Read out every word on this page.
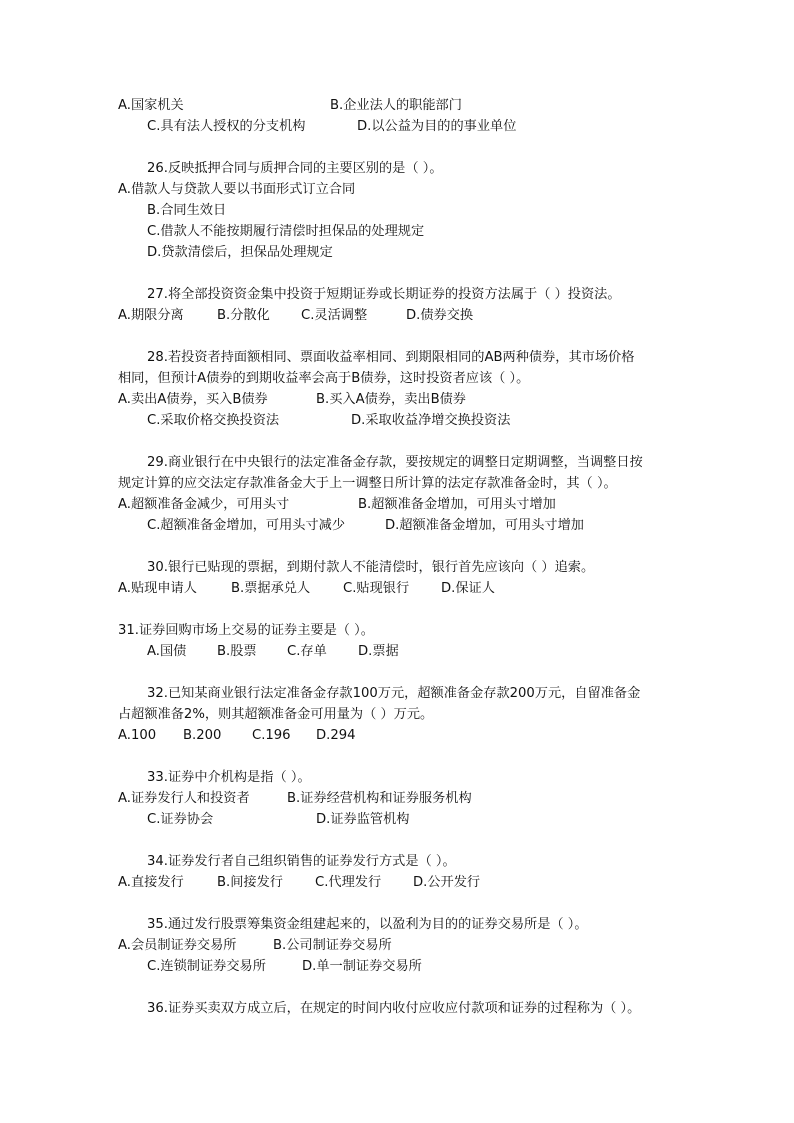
A.国家机关	B.企业法人的职能部门
C.具有法人授权的分支机构	D.以公益为目的的事业单位
26.反映抵押合同与质押合同的主要区别的是（ ）。
A.借款人与贷款人要以书面形式订立合同
B.合同生效日
C.借款人不能按期履行清偿时担保品的处理规定
D.贷款清偿后，担保品处理规定
27.将全部投资资金集中投资于短期证券或长期证券的投资方法属于（ ）投资法。
A.期限分离	B.分散化 C.灵活调整	D.债券交换
28.若投资者持面额相同、票面收益率相同、到期限相同的AB两种债券，其市场价格
相同，但预计A债券的到期收益率会高于B债券，这时投资者应该（ ）。
A.卖出A债券，买入B债券	B.买入A债券，卖出B债券
C.采取价格交换投资法	D.采取收益净增交换投资法
29.商业银行在中央银行的法定准备金存款，要按规定的调整日定期调整，当调整日按
规定计算的应交法定存款准备金大于上一调整日所计算的法定存款准备金时，其（ ）。
A.超额准备金减少，可用头寸	B.超额准备金增加，可用头寸增加
C.超额准备金增加，可用头寸减少	D.超额准备金增加，可用头寸增加
30.银行已贴现的票据，到期付款人不能清偿时，银行首先应该向（ ）追索。
A.贴现申请人	B.票据承兑人 C.贴现银行 D.保证人
31.证券回购市场上交易的证券主要是（ ）。
A.国债 B.股票 C.存单 D.票据
32.已知某商业银行法定准备金存款100万元，超额准备金存款200万元，自留准备金
占超额准备2%，则其超额准备金可用量为（ ）万元。
A.100 B.200 C.196 D.294
33.证券中介机构是指（ ）。
A.证券发行人和投资者	B.证券经营机构和证券服务机构
C.证券协会	D.证券监管机构
34.证券发行者自己组织销售的证券发行方式是（ ）。
A.直接发行	B.间接发行 C.代理发行 D.公开发行
35.通过发行股票筹集资金组建起来的，以盈利为目的的证券交易所是（ ）。
A.会员制证券交易所	B.公司制证券交易所
C.连锁制证券交易所	D.单一制证券交易所
36.证券买卖双方成立后，在规定的时间内收付应收应付款项和证券的过程称为（ ）。
